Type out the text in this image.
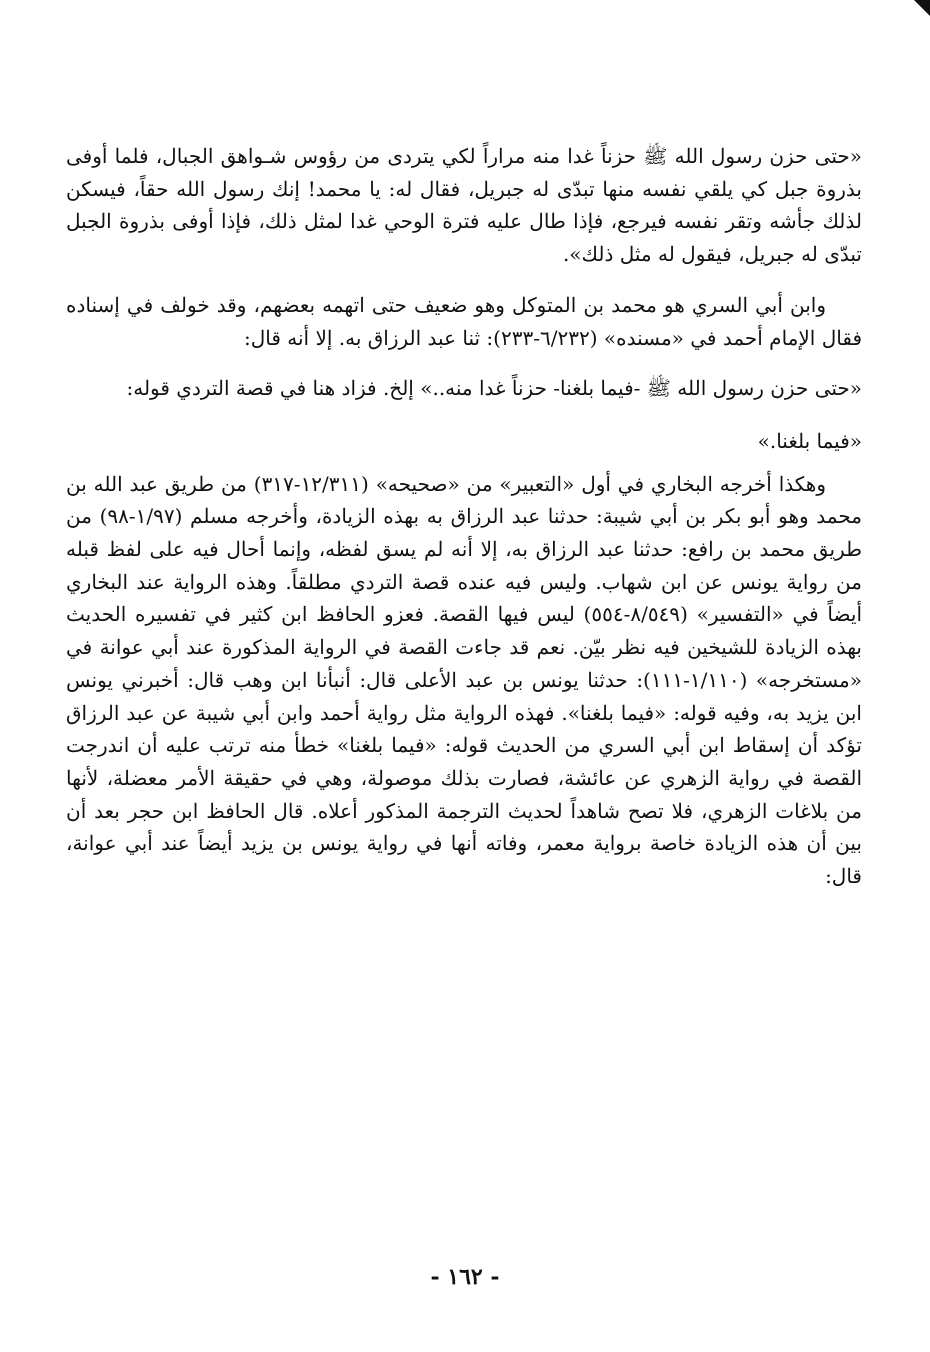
«حتى حزن رسول الله ﷺ حزناً غدا منه مراراً لكي يتردى من رؤوس شـواهق الجبال، فلما أوفى بذروة جبل كي يلقي نفسه منها تبدّى له جبريل، فقال له: يا محمد! إنك رسول الله حقاً، فيسكن لذلك جأشه وتقر نفسه فيرجع، فإذا طال عليه فترة الوحي غدا لمثل ذلك، فإذا أوفى بذروة الجبل تبدّى له جبريل، فيقول له مثل ذلك».

وابن أبي السري هو محمد بن المتوكل وهو ضعيف حتى اتهمه بعضهم، وقد خولف في إسناده فقال الإمام أحمد في «مسنده» (٦/٢٣٢-٢٣٣): ثنا عبد الرزاق به. إلا أنه قال:

«حتى حزن رسول الله ﷺ -فيما بلغنا- حزناً غدا منه..» إلخ. فزاد هنا في قصة التردي قوله:

«فيما بلغنا.»

وهكذا أخرجه البخاري في أول «التعبير» من «صحيحه» (١٢/٣١١-٣١٧) من طريق عبد الله بن محمد وهو أبو بكر بن أبي شيبة: حدثنا عبد الرزاق به بهذه الزيادة، وأخرجه مسلم (١/٩٧-٩٨) من طريق محمد بن رافع: حدثنا عبد الرزاق به، إلا أنه لم يسق لفظه، وإنما أحال فيه على لفظ قبله من رواية يونس عن ابن شهاب. وليس فيه عنده قصة التردي مطلقاً. وهذه الرواية عند البخاري أيضاً في «التفسير» (٨/٥٤٩-٥٥٤) ليس فيها القصة. فعزو الحافظ ابن كثير في تفسيره الحديث بهذه الزيادة للشيخين فيه نظر بيّن. نعم قد جاءت القصة في الرواية المذكورة عند أبي عوانة في «مستخرجه» (١/١١٠-١١١): حدثنا يونس بن عبد الأعلى قال: أنبأنا ابن وهب قال: أخبرني يونس ابن يزيد به، وفيه قوله: «فيما بلغنا». فهذه الرواية مثل رواية أحمد وابن أبي شيبة عن عبد الرزاق تؤكد أن إسقاط ابن أبي السري من الحديث قوله: «فيما بلغنا» خطأ منه ترتب عليه أن اندرجت القصة في رواية الزهري عن عائشة، فصارت بذلك موصولة، وهي في حقيقة الأمر معضلة، لأنها من بلاغات الزهري، فلا تصح شاهداً لحديث الترجمة المذكور أعلاه. قال الحافظ ابن حجر بعد أن بين أن هذه الزيادة خاصة برواية معمر، وفاته أنها في رواية يونس بن يزيد أيضاً عند أبي عوانة، قال:

- ١٦٢ -
